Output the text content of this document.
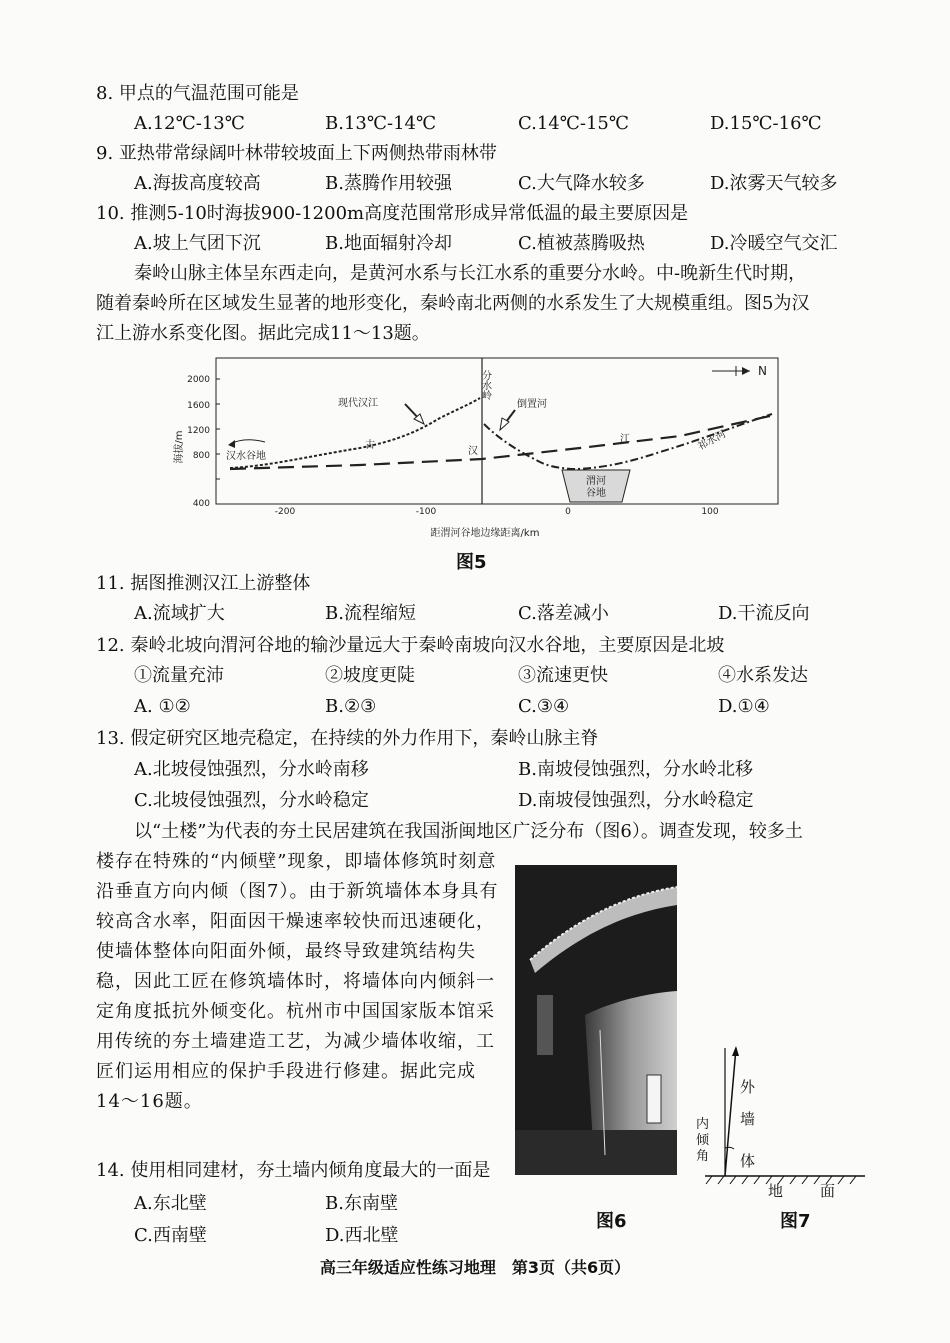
8. 甲点的气温范围可能是
A.12℃-13℃	B.13℃-14℃	C.14℃-15℃	D.15℃-16℃
9. 亚热带常绿阔叶林带较坡面上下两侧热带雨林带
A.海拔高度较高	B.蒸腾作用较强	C.大气降水较多	D.浓雾天气较多
10. 推测5-10时海拔900-1200m高度范围常形成异常低温的最主要原因是
A.坡上气团下沉	B.地面辐射冷却	C.植被蒸腾吸热	D.冷暖空气交汇
秦岭山脉主体呈东西走向，是黄河水系与长江水系的重要分水岭。中-晚新生代时期，
随着秦岭所在区域发生显著的地形变化，秦岭南北两侧的水系发生了大规模重组。图5为汉
江上游水系变化图。据此完成11～13题。
2000
1600
1200
800
400
海拔/m
-200	-100	0	100
距渭河谷地边缘距离/km
分水岭	N
古
汉
江
现代汉江	倒置河
祁水河
汉水谷地
渭河
谷地
图5
11. 据图推测汉江上游整体
A.流域扩大	B.流程缩短	C.落差减小	D.干流反向
12. 秦岭北坡向渭河谷地的输沙量远大于秦岭南坡向汉水谷地，主要原因是北坡
①流量充沛	②坡度更陡	③流速更快	④水系发达
A. ①②	B.②③	C.③④	D.①④
13. 假定研究区地壳稳定，在持续的外力作用下，秦岭山脉主脊
A.北坡侵蚀强烈，分水岭南移	B.南坡侵蚀强烈，分水岭北移
C.北坡侵蚀强烈，分水岭稳定	D.南坡侵蚀强烈，分水岭稳定
以“土楼”为代表的夯土民居建筑在我国浙闽地区广泛分布（图6）。调查发现，较多土
楼存在特殊的“内倾壁”现象，即墙体修筑时刻意
沿垂直方向内倾（图7）。由于新筑墙体本身具有
较高含水率，阳面因干燥速率较快而迅速硬化，
使墙体整体向阳面外倾，最终导致建筑结构失
稳，因此工匠在修筑墙体时，将墙体向内倾斜一
定角度抵抗外倾变化。杭州市中国国家版本馆采
用传统的夯土墙建造工艺，为减少墙体收缩，工
匠们运用相应的保护手段进行修建。据此完成
14～16题。
14. 使用相同建材，夯土墙内倾角度最大的一面是
A.东北壁	B.东南壁
C.西南壁	D.西北壁
图6
外
墙
体
内
倾
角
地 面
图7
高三年级适应性练习地理　第3页（共6页）
